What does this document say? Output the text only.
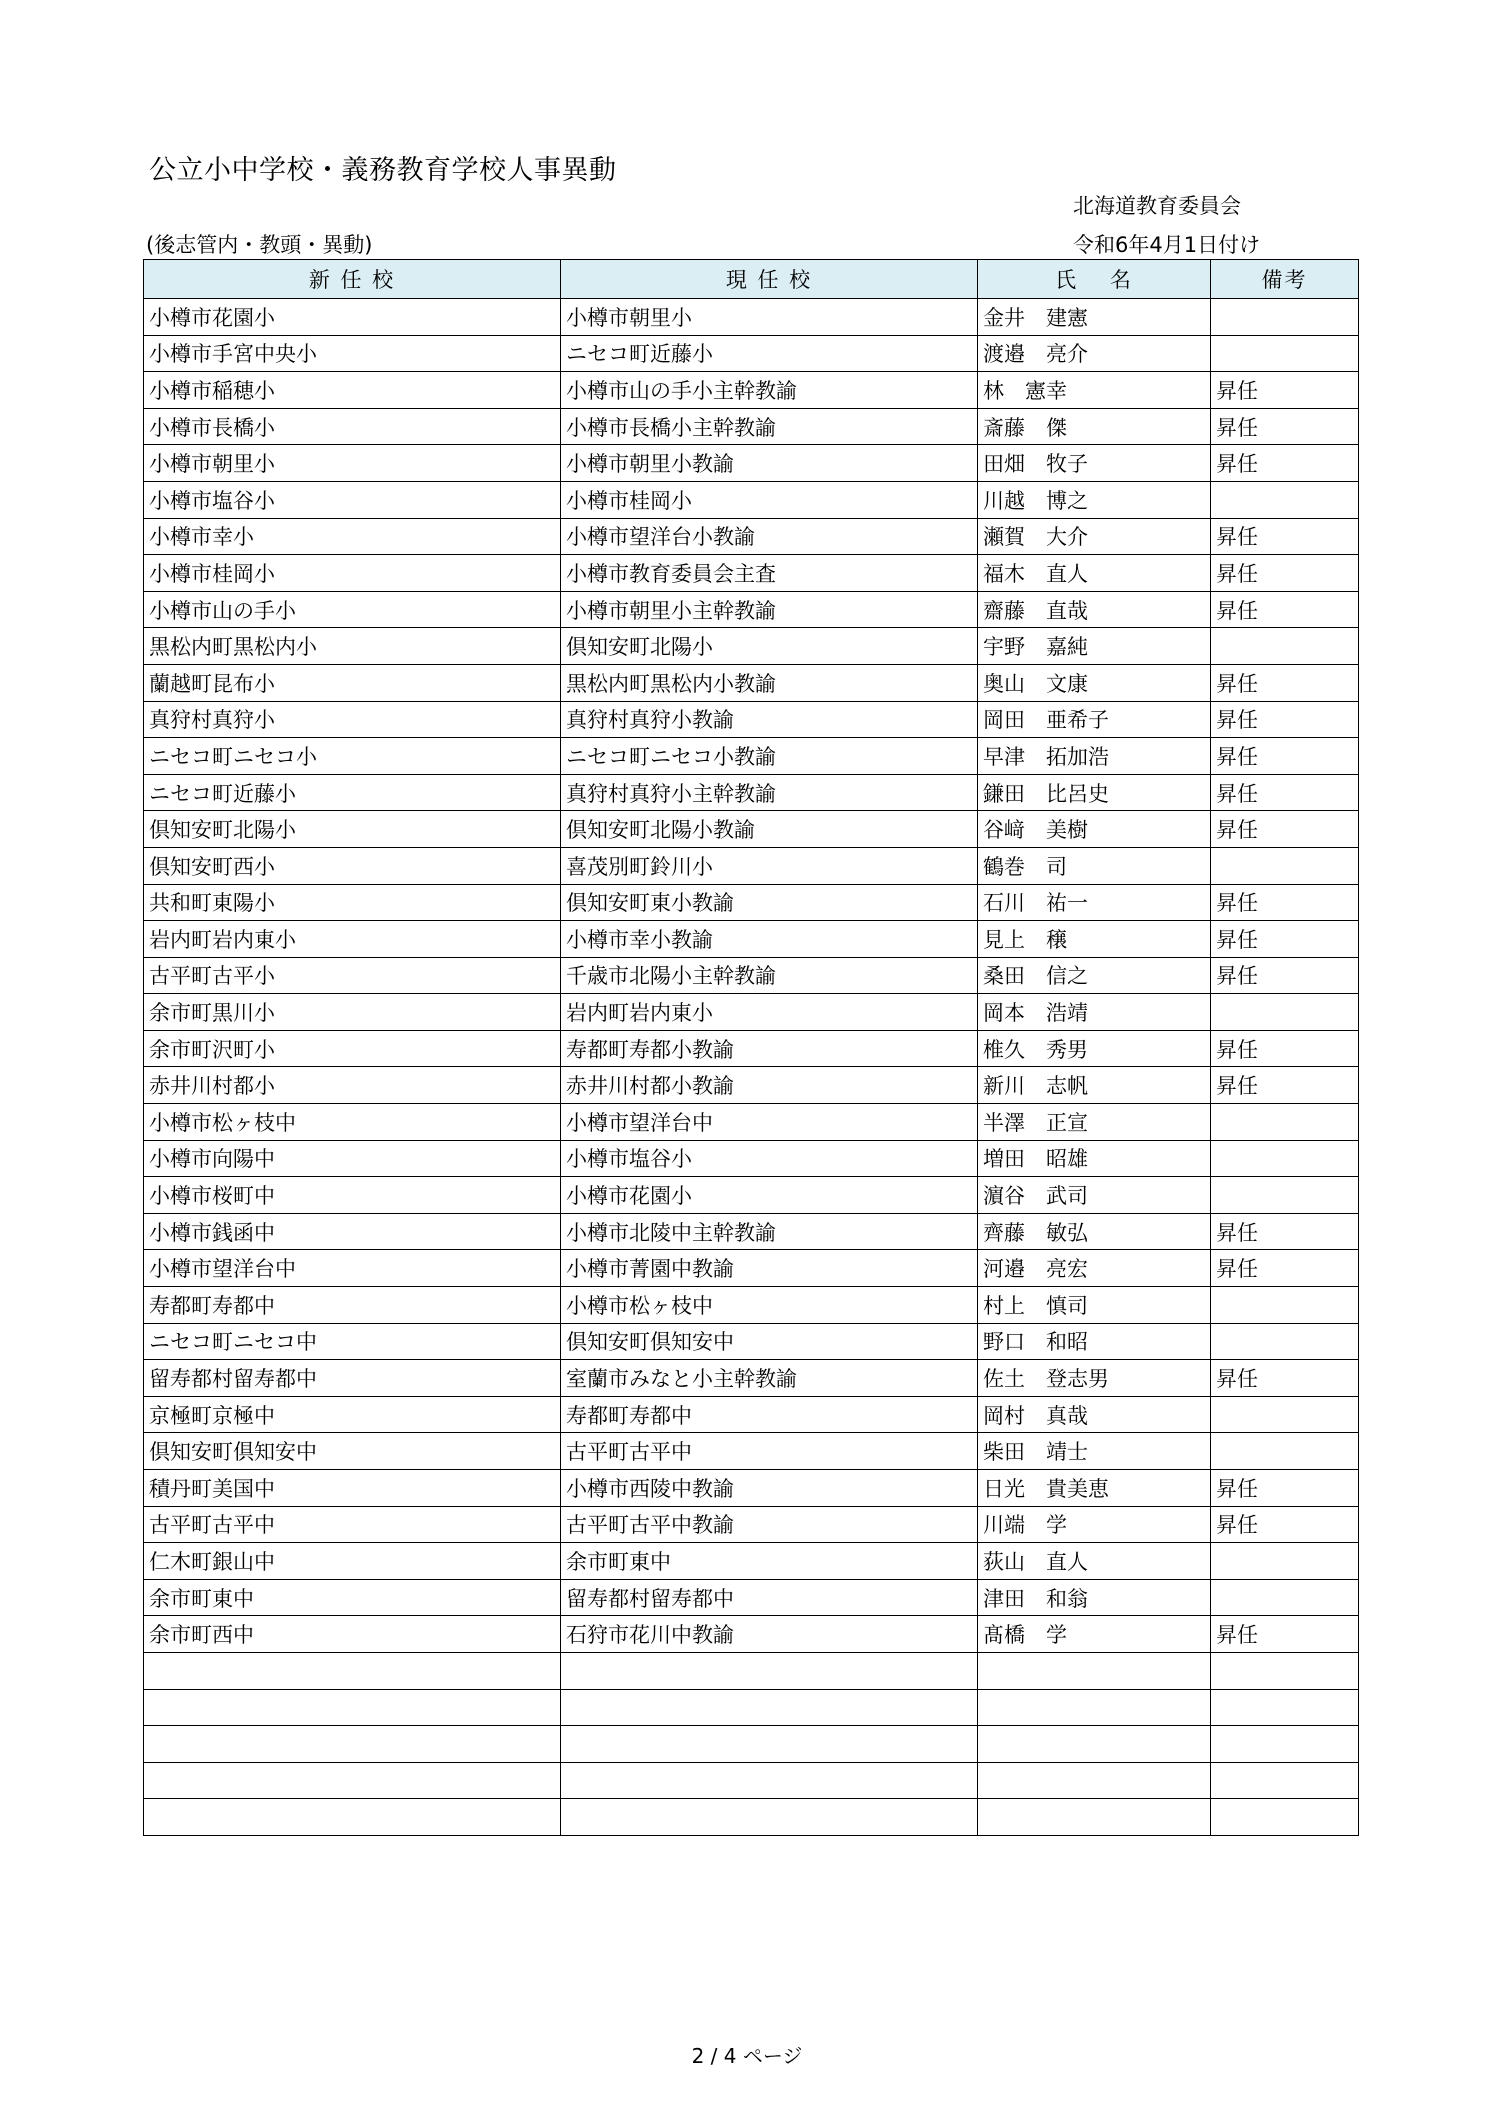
公立小中学校・義務教育学校人事異動
北海道教育委員会
(後志管内・教頭・異動)	令和6年4月1日付け
新 任 校	現 任 校	氏　 名	備考
小樽市花園小	小樽市朝里小	金井　建憲	
小樽市手宮中央小	ニセコ町近藤小	渡邉　亮介	
小樽市稲穂小	小樽市山の手小主幹教諭	林　憲幸	昇任
小樽市長橋小	小樽市長橋小主幹教諭	斎藤　傑	昇任
小樽市朝里小	小樽市朝里小教諭	田畑　牧子	昇任
小樽市塩谷小	小樽市桂岡小	川越　博之	
小樽市幸小	小樽市望洋台小教諭	瀬賀　大介	昇任
小樽市桂岡小	小樽市教育委員会主査	福木　直人	昇任
小樽市山の手小	小樽市朝里小主幹教諭	齋藤　直哉	昇任
黒松内町黒松内小	倶知安町北陽小	宇野　嘉純	
蘭越町昆布小	黒松内町黒松内小教諭	奥山　文康	昇任
真狩村真狩小	真狩村真狩小教諭	岡田　亜希子	昇任
ニセコ町ニセコ小	ニセコ町ニセコ小教諭	早津　拓加浩	昇任
ニセコ町近藤小	真狩村真狩小主幹教諭	鎌田　比呂史	昇任
倶知安町北陽小	倶知安町北陽小教諭	谷﨑　美樹	昇任
倶知安町西小	喜茂別町鈴川小	鶴巻　司	
共和町東陽小	倶知安町東小教諭	石川　祐一	昇任
岩内町岩内東小	小樽市幸小教諭	見上　穣	昇任
古平町古平小	千歳市北陽小主幹教諭	桑田　信之	昇任
余市町黒川小	岩内町岩内東小	岡本　浩靖	
余市町沢町小	寿都町寿都小教諭	椎久　秀男	昇任
赤井川村都小	赤井川村都小教諭	新川　志帆	昇任
小樽市松ヶ枝中	小樽市望洋台中	半澤　正宣	
小樽市向陽中	小樽市塩谷小	増田　昭雄	
小樽市桜町中	小樽市花園小	濵谷　武司	
小樽市銭函中	小樽市北陵中主幹教諭	齊藤　敏弘	昇任
小樽市望洋台中	小樽市菁園中教諭	河邉　亮宏	昇任
寿都町寿都中	小樽市松ヶ枝中	村上　慎司	
ニセコ町ニセコ中	倶知安町倶知安中	野口　和昭	
留寿都村留寿都中	室蘭市みなと小主幹教諭	佐土　登志男	昇任
京極町京極中	寿都町寿都中	岡村　真哉	
倶知安町倶知安中	古平町古平中	柴田　靖士	
積丹町美国中	小樽市西陵中教諭	日光　貴美恵	昇任
古平町古平中	古平町古平中教諭	川端　学	昇任
仁木町銀山中	余市町東中	荻山　直人	
余市町東中	留寿都村留寿都中	津田　和翁	
余市町西中	石狩市花川中教諭	髙橋　学	昇任

2 / 4 ページ
